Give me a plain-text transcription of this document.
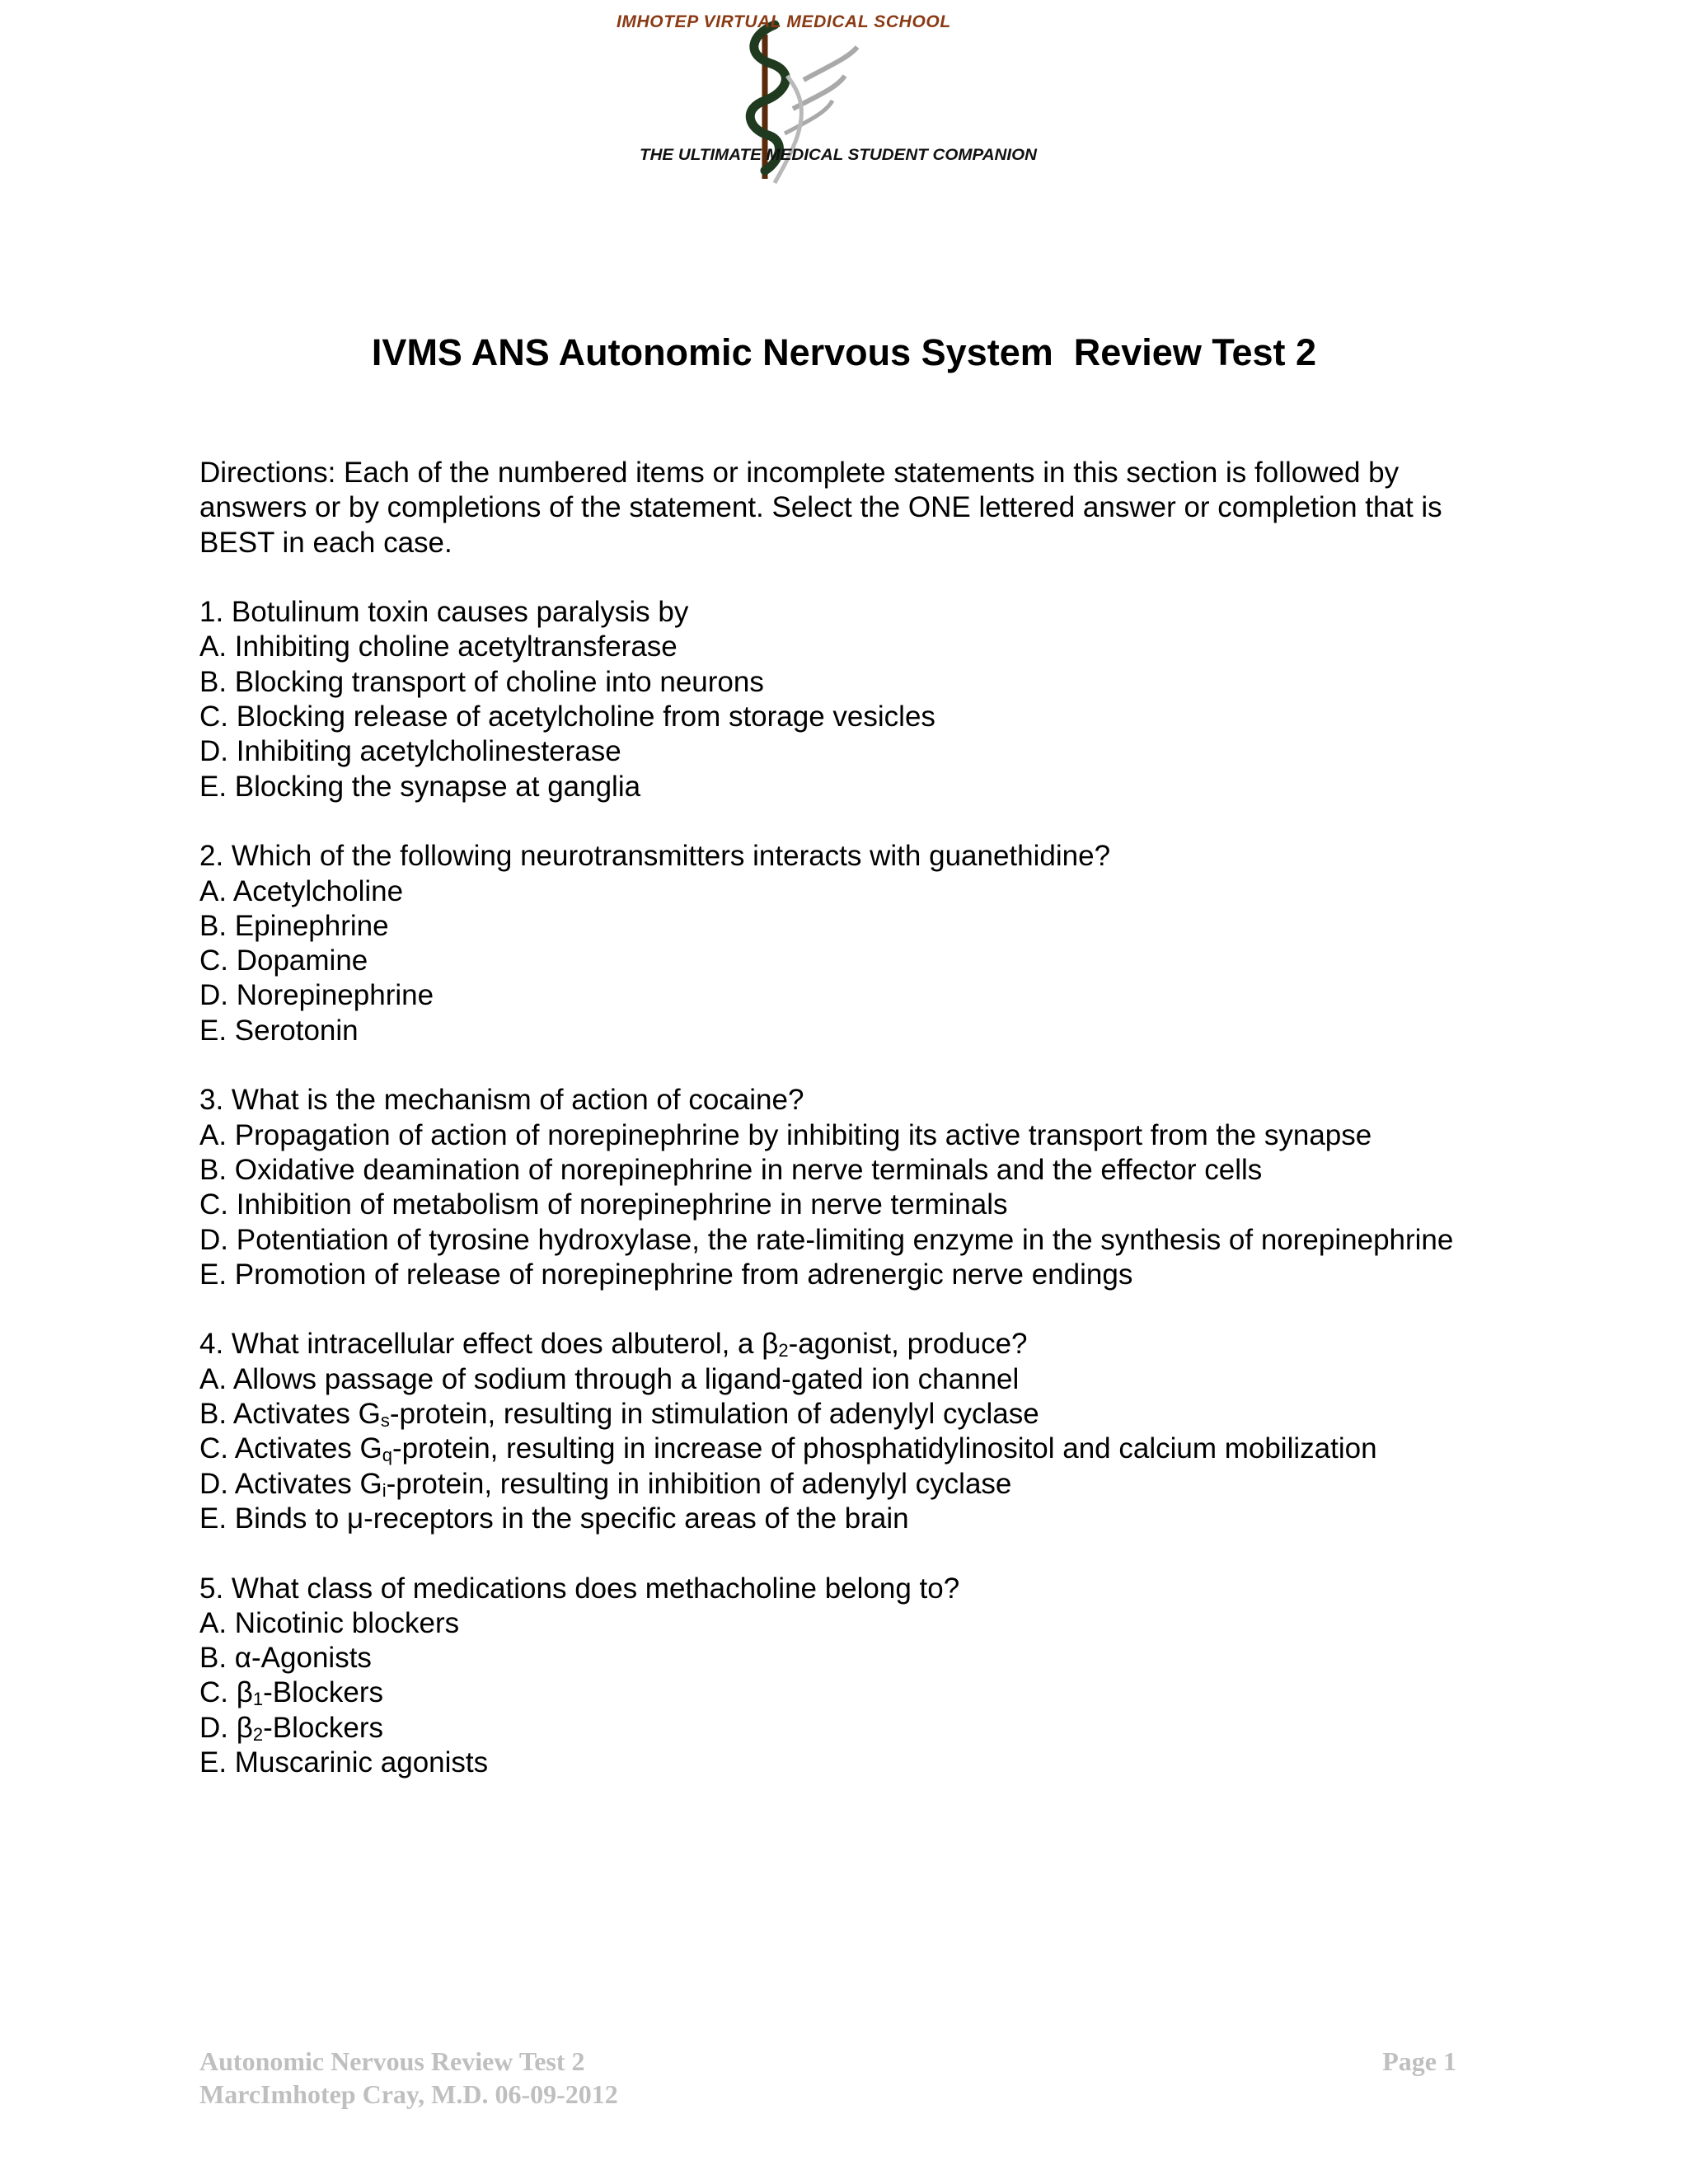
IMHOTEP VIRTUAL MEDICAL SCHOOL
THE ULTIMATE MEDICAL STUDENT COMPANION
IVMS ANS Autonomic Nervous System  Review Test 2

Directions: Each of the numbered items or incomplete statements in this section is followed by answers or by completions of the statement. Select the ONE lettered answer or completion that is BEST in each case.

1. Botulinum toxin causes paralysis by
A. Inhibiting choline acetyltransferase
B. Blocking transport of choline into neurons
C. Blocking release of acetylcholine from storage vesicles
D. Inhibiting acetylcholinesterase
E. Blocking the synapse at ganglia
2. Which of the following neurotransmitters interacts with guanethidine?
A. Acetylcholine
B. Epinephrine
C. Dopamine
D. Norepinephrine
E. Serotonin
3. What is the mechanism of action of cocaine?
A. Propagation of action of norepinephrine by inhibiting its active transport from the synapse
B. Oxidative deamination of norepinephrine in nerve terminals and the effector cells
C. Inhibition of metabolism of norepinephrine in nerve terminals
D. Potentiation of tyrosine hydroxylase, the rate-limiting enzyme in the synthesis of norepinephrine
E. Promotion of release of norepinephrine from adrenergic nerve endings
4. What intracellular effect does albuterol, a $\beta_2$-agonist, produce?
A. Allows passage of sodium through a ligand-gated ion channel
B. Activates $G_s$-protein, resulting in stimulation of adenylyl cyclase
C. Activates $G_q$-protein, resulting in increase of phosphatidylinositol and calcium mobilization
D. Activates $G_i$-protein, resulting in inhibition of adenylyl cyclase
E. Binds to μ-receptors in the specific areas of the brain
5. What class of medications does methacholine belong to?
A. Nicotinic blockers
B. α-Agonists
C. $\beta_1$-Blockers
D. $\beta_2$-Blockers
E. Muscarinic agonists
Autonomic Nervous Review Test 2
MarcImhotep Cray, M.D. 06-09-2012
Page 1
